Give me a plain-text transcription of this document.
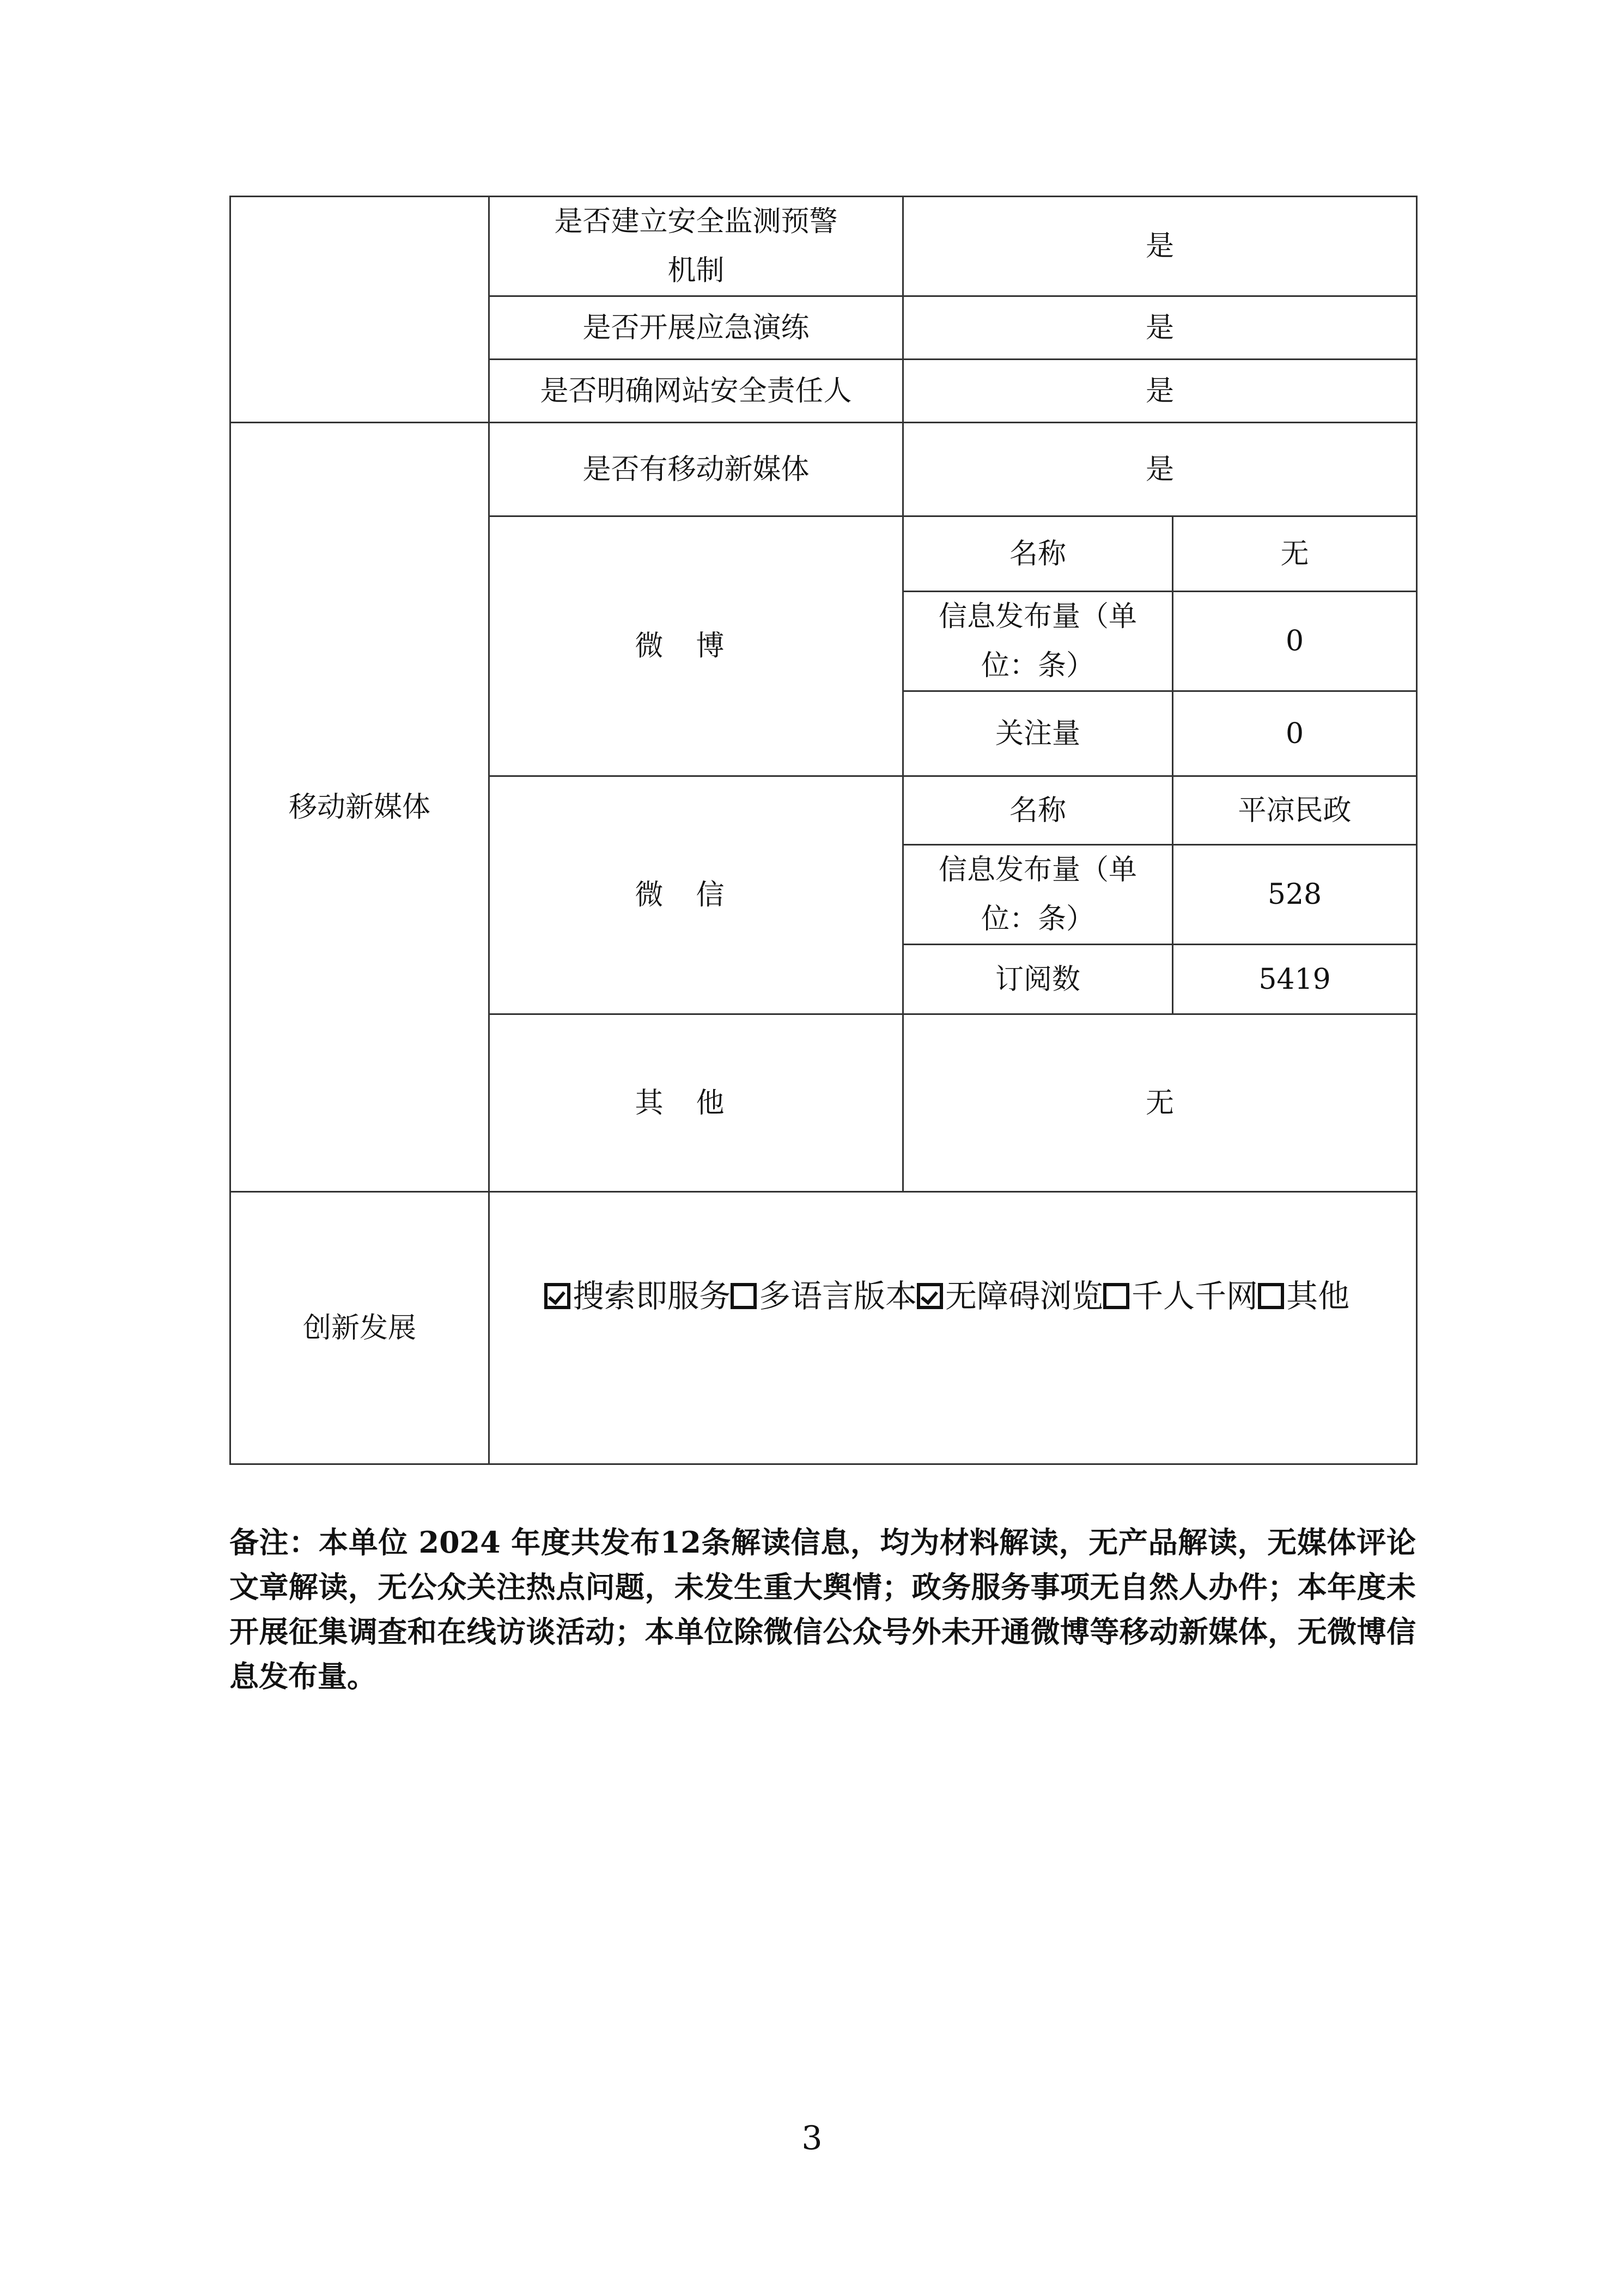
	是否建立安全监测预警机制	是	
	是否开展应急演练	是	
	是否明确网站安全责任人	是	
移动新媒体	是否有移动新媒体	是	
	微博	名称	无
		信息发布量（单位：条）	0
		关注量	0
	微信	名称	平凉民政
		信息发布量（单位：条）	528
		订阅数	5419
	其他	无	
创新发展	搜索即服务 多语言版本 无障碍浏览 千人千网 其他		

备注：本单位 2024 年度共发布12条解读信息，均为材料解读，无产品解读，无媒体评论文章解读，无公众关注热点问题，未发生重大舆情；政务服务事项无自然人办件；本年度未开展征集调查和在线访谈活动；本单位除微信公众号外未开通微博等移动新媒体，无微博信息发布量。

3
